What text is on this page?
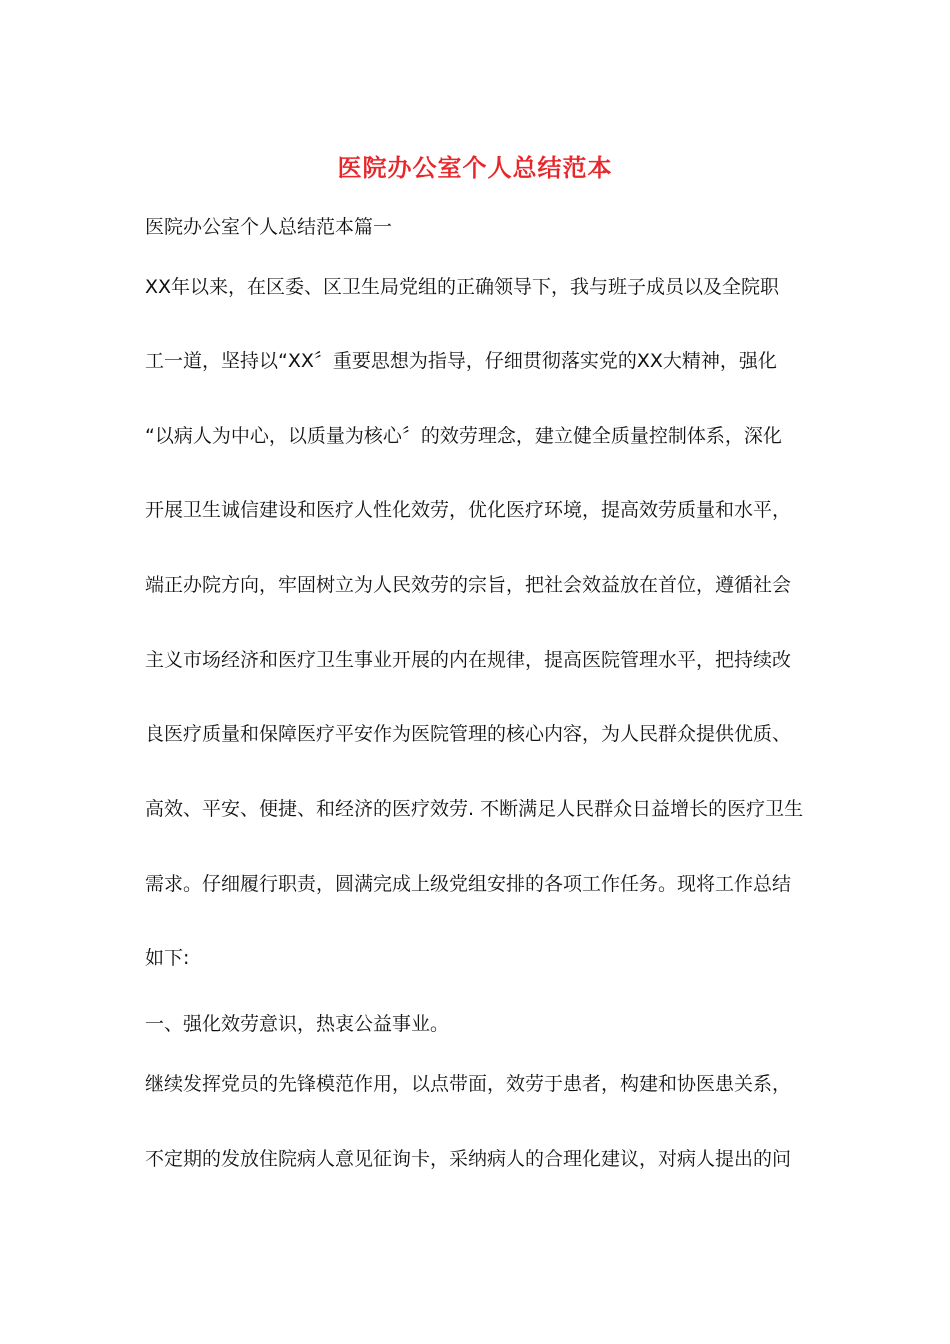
医院办公室个人总结范本
医院办公室个人总结范本篇一
XX年以来，在区委、区卫生局党组的正确领导下，我与班子成员以及全院职
工一道，坚持以“XX〞重要思想为指导，仔细贯彻落实党的XX大精神，强化
“以病人为中心，以质量为核心〞的效劳理念，建立健全质量控制体系，深化
开展卫生诚信建设和医疗人性化效劳，优化医疗环境，提高效劳质量和水平，
端正办院方向，牢固树立为人民效劳的宗旨，把社会效益放在首位，遵循社会
主义市场经济和医疗卫生事业开展的内在规律，提高医院管理水平，把持续改
良医疗质量和保障医疗平安作为医院管理的核心内容，为人民群众提供优质、
高效、平安、便捷、和经济的医疗效劳. 不断满足人民群众日益增长的医疗卫生
需求。仔细履行职责，圆满完成上级党组安排的各项工作任务。现将工作总结
如下:
一、强化效劳意识，热衷公益事业。
继续发挥党员的先锋模范作用，以点带面，效劳于患者，构建和协医患关系，
不定期的发放住院病人意见征询卡，采纳病人的合理化建议，对病人提出的问
